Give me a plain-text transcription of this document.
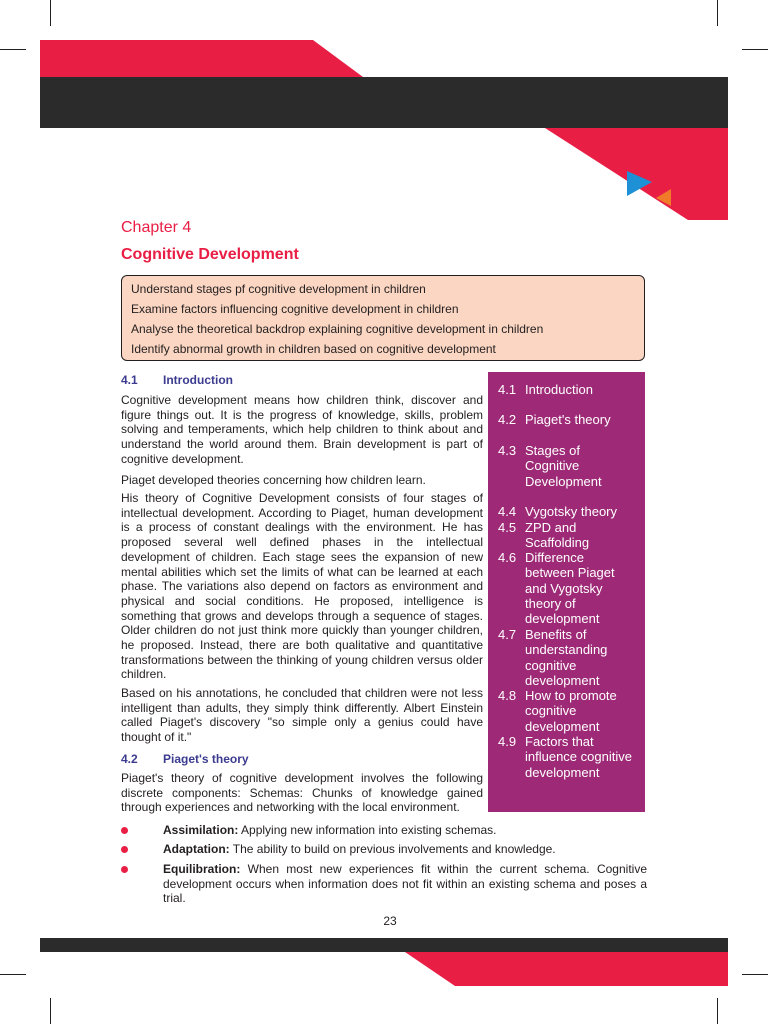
Chapter 4
Cognitive Development
Understand stages pf cognitive development in children
Examine factors influencing cognitive development in children
Analyse the theoretical backdrop explaining cognitive development in children
Identify abnormal growth in children based on cognitive development
4.1 Introduction

Cognitive development means how children think, discover and figure things out. It is the progress of knowledge, skills, problem solving and temperaments, which help children to think about and understand the world around them. Brain development is part of cognitive development.

Piaget developed theories concerning how children learn.

His theory of Cognitive Development consists of four stages of intellectual development. According to Piaget, human development is a process of constant dealings with the environment. He has proposed several well defined phases in the intellectual development of children. Each stage sees the expansion of new mental abilities which set the limits of what can be learned at each phase. The variations also depend on factors as environment and physical and social conditions. He proposed, intelligence is something that grows and develops through a sequence of stages. Older children do not just think more quickly than younger children, he proposed. Instead, there are both qualitative and quantitative transformations between the thinking of young children versus older children.

Based on his annotations, he concluded that children were not less intelligent than adults, they simply think differently. Albert Einstein called Piaget's discovery "so simple only a genius could have thought of it."

4.2 Piaget's theory

Piaget's theory of cognitive development involves the following discrete components: Schemas: Chunks of knowledge gained through experiences and networking with the local environment.

Assimilation: Applying new information into existing schemas.
Adaptation: The ability to build on previous involvements and knowledge.
Equilibration: When most new experiences fit within the current schema. Cognitive development occurs when information does not fit within an existing schema and poses a trial.
4.1 Introduction
4.2 Piaget's theory
4.3 Stages of Cognitive Development
4.4 Vygotsky theory
4.5 ZPD and Scaffolding
4.6 Difference between Piaget and Vygotsky theory of development
4.7 Benefits of understanding cognitive development
4.8 How to promote cognitive development
4.9 Factors that influence cognitive development
23
